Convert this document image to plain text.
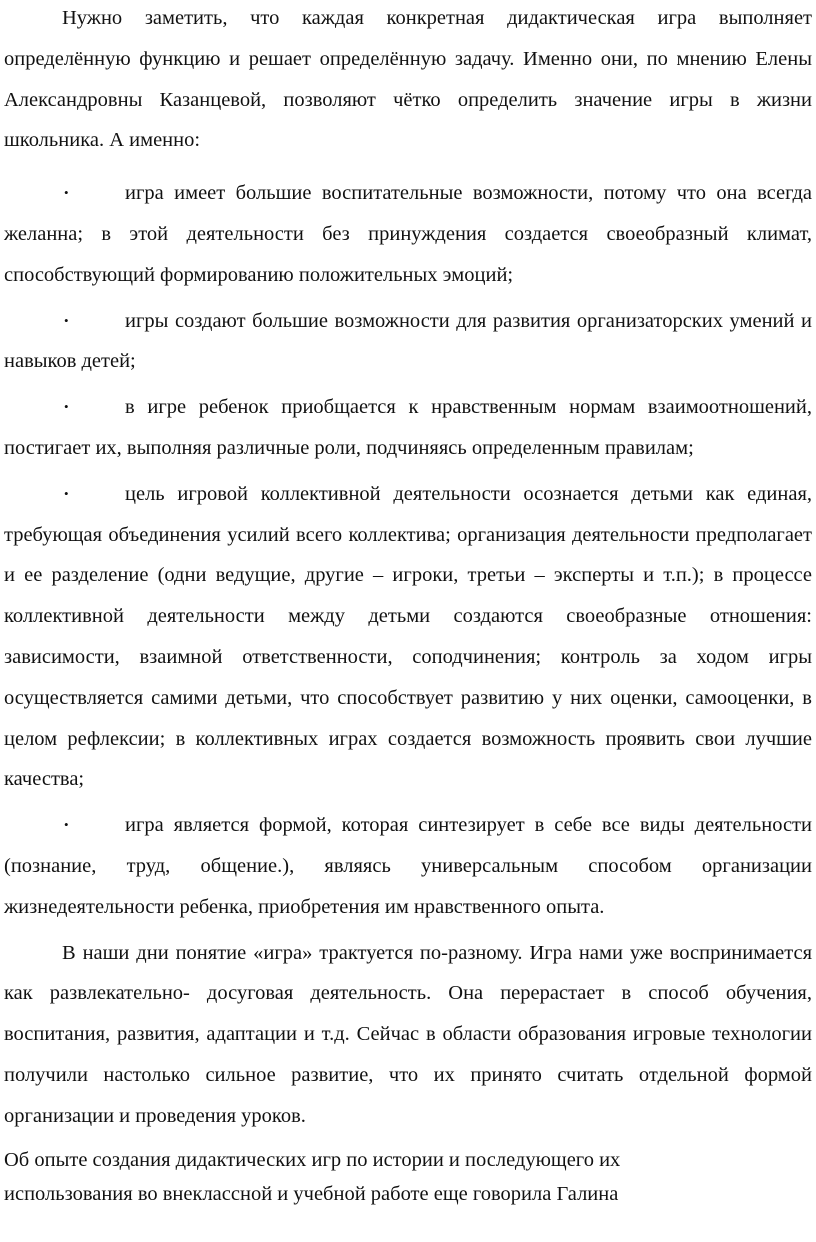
Нужно заметить, что каждая конкретная дидактическая игра выполняет определённую функцию и решает определённую задачу. Именно они, по мнению Елены Александровны Казанцевой, позволяют чётко определить значение игры в жизни школьника. А именно:

•	игра имеет большие воспитательные возможности, потому что она всегда желанна; в этой деятельности без принуждения создается своеобразный климат, способствующий формированию положительных эмоций;
•	игры создают большие возможности для развития организаторских умений и навыков детей;
•	в игре ребенок приобщается к нравственным нормам взаимоотношений, постигает их, выполняя различные роли, подчиняясь определенным правилам;
•	цель игровой коллективной деятельности осознается детьми как единая, требующая объединения усилий всего коллектива; организация деятельности предполагает и ее разделение (одни ведущие, другие – игроки, третьи – эксперты и т.п.); в процессе коллективной деятельности между детьми создаются своеобразные отношения: зависимости, взаимной ответственности, соподчинения; контроль за ходом игры осуществляется самими детьми, что способствует развитию у них оценки, самооценки, в целом рефлексии; в коллективных играх создается возможность проявить свои лучшие качества;
•	игра является формой, которая синтезирует в себе все виды деятельности (познание, труд, общение.), являясь универсальным способом организации жизнедеятельности ребенка, приобретения им нравственного опыта.

В наши дни понятие «игра» трактуется по-разному. Игра нами уже воспринимается как развлекательно- досуговая деятельность. Она перерастает в способ обучения, воспитания, развития, адаптации и т.д. Сейчас в области образования игровые технологии получили настолько сильное развитие, что их принято считать отдельной формой организации и проведения уроков.

Об опыте создания дидактических игр по истории и последующего их

использования во внеклассной и учебной работе еще говорила Галина
